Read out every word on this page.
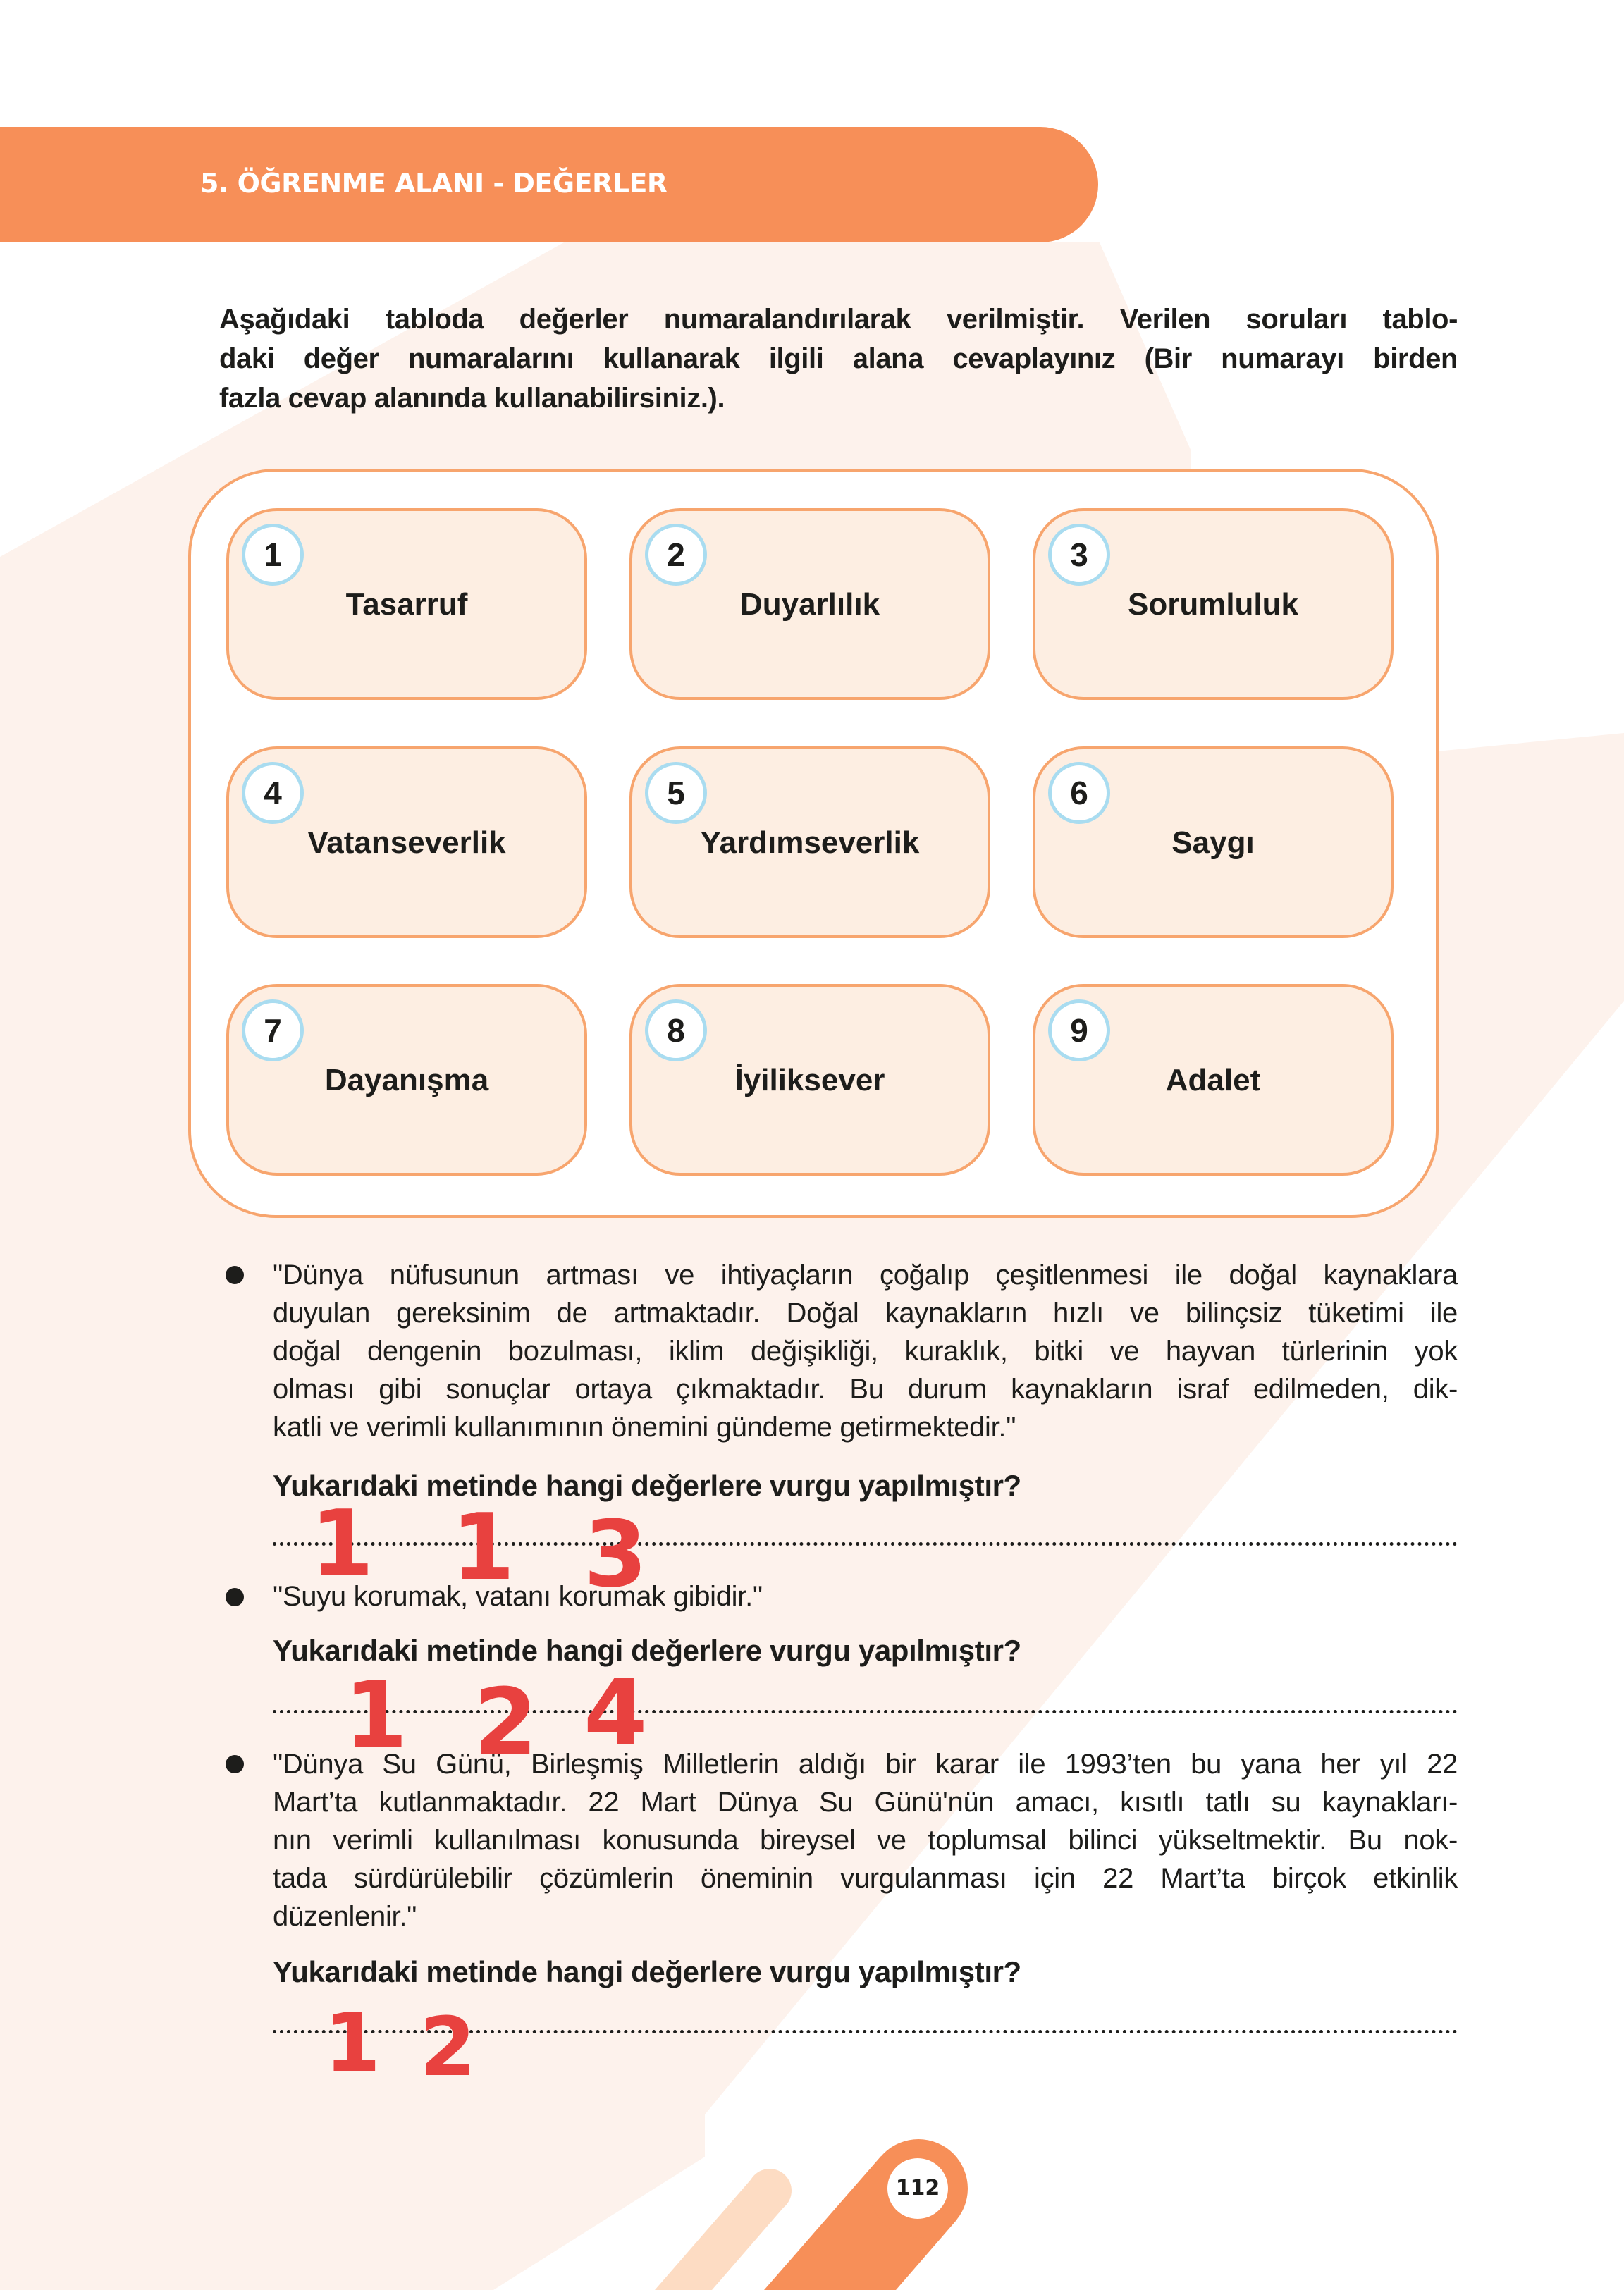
5. ÖĞRENME ALANI - DEĞERLER
Aşağıdaki tabloda değerler numaralandırılarak verilmiştir. Verilen soruları tablo-
daki değer numaralarını kullanarak ilgili alana cevaplayınız (Bir numarayı birden
fazla cevap alanında kullanabilirsiniz.).
1
Tasarruf
2
Duyarlılık
3
Sorumluluk
4
Vatanseverlik
5
Yardımseverlik
6
Saygı
7
Dayanışma
8
İyiliksever
9
Adalet
"Dünya nüfusunun artması ve ihtiyaçların çoğalıp çeşitlenmesi ile doğal kaynaklara
duyulan gereksinim de artmaktadır. Doğal kaynakların hızlı ve bilinçsiz tüketimi ile
doğal dengenin bozulması, iklim değişikliği, kuraklık, bitki ve hayvan türlerinin yok
olması gibi sonuçlar ortaya çıkmaktadır. Bu durum kaynakların israf edilmeden, dik-
katli ve verimli kullanımının önemini gündeme getirmektedir."
Yukarıdaki metinde hangi değerlere vurgu yapılmıştır?
1 1 3
"Suyu korumak, vatanı korumak gibidir."
Yukarıdaki metinde hangi değerlere vurgu yapılmıştır?
1 2 4
"Dünya Su Günü, Birleşmiş Milletlerin aldığı bir karar ile 1993’ten bu yana her yıl 22
Mart’ta kutlanmaktadır. 22 Mart Dünya Su Günü'nün amacı, kısıtlı tatlı su kaynakları-
nın verimli kullanılması konusunda bireysel ve toplumsal bilinci yükseltmektir. Bu nok-
tada sürdürülebilir çözümlerin öneminin vurgulanması için 22 Mart’ta birçok etkinlik
düzenlenir."
Yukarıdaki metinde hangi değerlere vurgu yapılmıştır?
1 2
112
